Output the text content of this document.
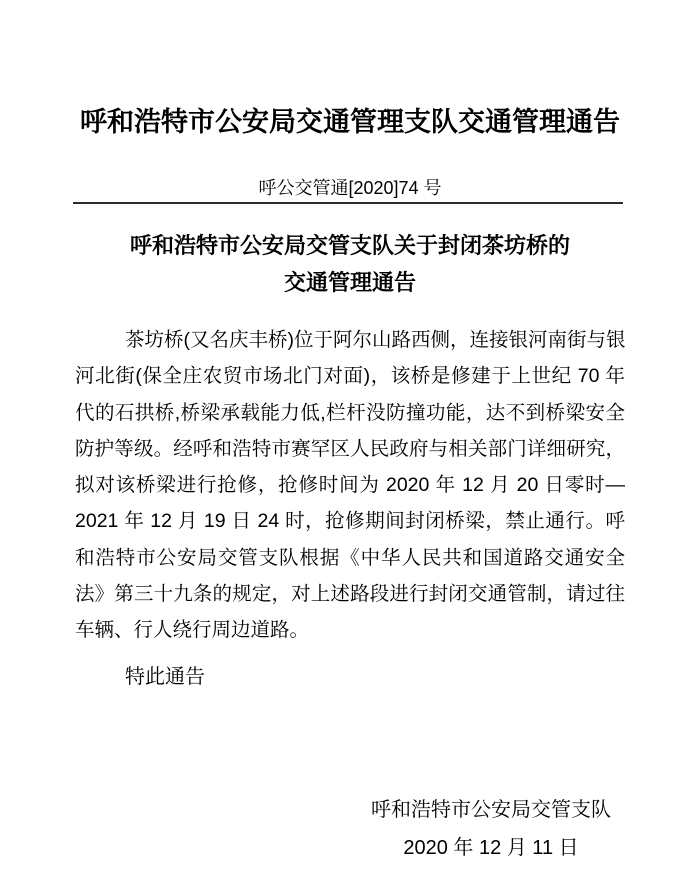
呼和浩特市公安局交通管理支队交通管理通告
呼公交管通[2020]74 号
呼和浩特市公安局交管支队关于封闭茶坊桥的
交通管理通告
茶坊桥(又名庆丰桥)位于阿尔山路西侧，连接银河南街与银
河北街(保全庄农贸市场北门对面)，该桥是修建于上世纪 70 年
代的石拱桥,桥梁承载能力低,栏杆没防撞功能，达不到桥梁安全
防护等级。经呼和浩特市赛罕区人民政府与相关部门详细研究，
拟对该桥梁进行抢修，抢修时间为 2020 年 12 月 20 日零时—
2021 年 12 月 19 日 24 时，抢修期间封闭桥梁，禁止通行。呼
和浩特市公安局交管支队根据《中华人民共和国道路交通安全
法》第三十九条的规定，对上述路段进行封闭交通管制，请过往
车辆、行人绕行周边道路。
特此通告
呼和浩特市公安局交管支队
2020 年 12 月 11 日
